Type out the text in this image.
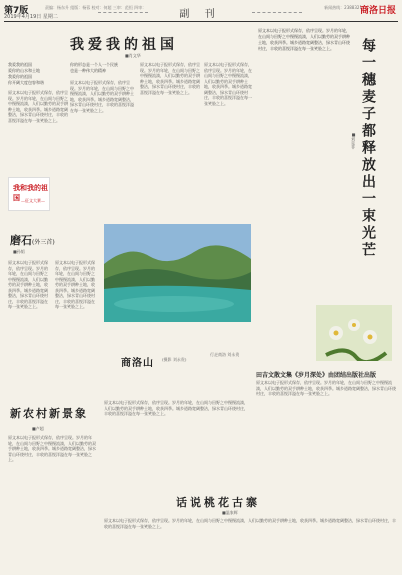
第7版
2019年4月19日 星期二
责编：杨东升 组版：杨蓉 校对：何超 三审：范恒 四审：
副 刊
新闻热线：2388321
商洛日报
我爱我的祖国
■肖文华
我爱我的祖国
爱你的山水和土地
我爱你的祖国
你开阔大度包容和谐
你的形态是一个人一个民族
也是一种伟大的精神
原文本以电子报形式保存，依序呈现。岁月的年轮，在山间与田野之中慢慢流淌，人们以勤劳的双手耕种土地，收获四季。城乡道路宽阔整洁，绿水青山环绕村庄，丰收的喜悦洋溢在每一张笑脸之上。
原文本以电子报形式保存，依序呈现。岁月的年轮，在山间与田野之中慢慢流淌，人们以勤劳的双手耕种土地，收获四季。城乡道路宽阔整洁，绿水青山环绕村庄，丰收的喜悦洋溢在每一张笑脸之上。
原文本以电子报形式保存，依序呈现。岁月的年轮，在山间与田野之中慢慢流淌，人们以勤劳的双手耕种土地，收获四季。城乡道路宽阔整洁，绿水青山环绕村庄，丰收的喜悦洋溢在每一张笑脸之上。
原文本以电子报形式保存，依序呈现。岁月的年轮，在山间与田野之中慢慢流淌，人们以勤劳的双手耕种土地，收获四季。城乡道路宽阔整洁，绿水青山环绕村庄，丰收的喜悦洋溢在每一张笑脸之上。
我和我的祖国 —征文大赛—	每一穗麦子都释放出一束光芒
■刘克非
原文本以电子报形式保存，依序呈现。岁月的年轮，在山间与田野之中慢慢流淌，人们以勤劳的双手耕种土地，收获四季。城乡道路宽阔整洁，绿水青山环绕村庄，丰收的喜悦洋溢在每一张笑脸之上。
磨石(外三首)
■孙韬
原文本以电子报形式保存，依序呈现。岁月的年轮，在山间与田野之中慢慢流淌，人们以勤劳的双手耕种土地，收获四季。城乡道路宽阔整洁，绿水青山环绕村庄，丰收的喜悦洋溢在每一张笑脸之上。
原文本以电子报形式保存，依序呈现。岁月的年轮，在山间与田野之中慢慢流淌，人们以勤劳的双手耕种土地，收获四季。城乡道路宽阔整洁，绿水青山环绕村庄，丰收的喜悦洋溢在每一张笑脸之上。
商洛山 (摄影 刘永贵)
行走商洛 刘永贵
田吉文散文集《岁月深处》由团结出版社出版
原文本以电子报形式保存，依序呈现。岁月的年轮，在山间与田野之中慢慢流淌，人们以勤劳的双手耕种土地，收获四季。城乡道路宽阔整洁，绿水青山环绕村庄，丰收的喜悦洋溢在每一张笑脸之上。
新农村新景象
■卢超
原文本以电子报形式保存，依序呈现。岁月的年轮，在山间与田野之中慢慢流淌，人们以勤劳的双手耕种土地，收获四季。城乡道路宽阔整洁，绿水青山环绕村庄，丰收的喜悦洋溢在每一张笑脸之上。
原文本以电子报形式保存，依序呈现。岁月的年轮，在山间与田野之中慢慢流淌，人们以勤劳的双手耕种土地，收获四季。城乡道路宽阔整洁，绿水青山环绕村庄，丰收的喜悦洋溢在每一张笑脸之上。
话说桃花古寨
■温家辉
原文本以电子报形式保存，依序呈现。岁月的年轮，在山间与田野之中慢慢流淌，人们以勤劳的双手耕种土地，收获四季。城乡道路宽阔整洁，绿水青山环绕村庄，丰收的喜悦洋溢在每一张笑脸之上。
